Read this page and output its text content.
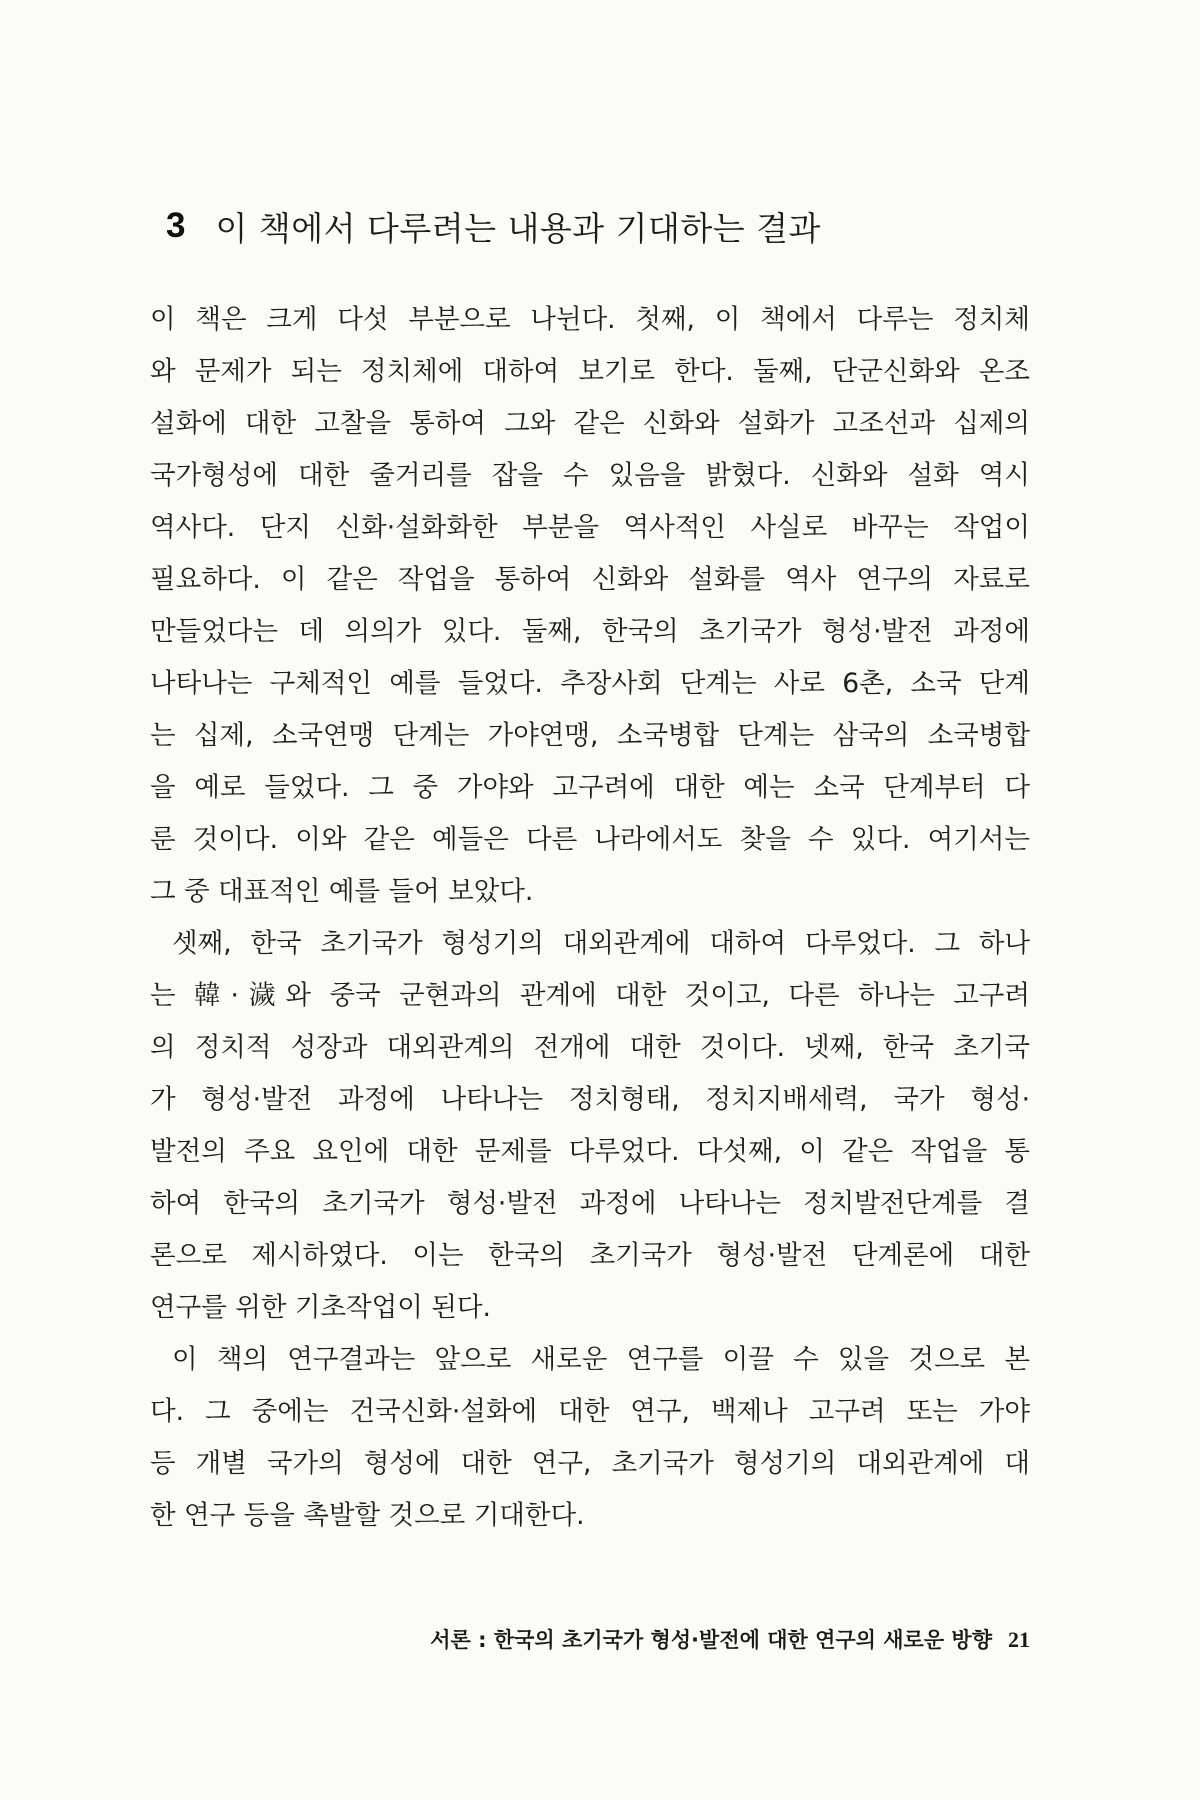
3 이 책에서 다루려는 내용과 기대하는 결과
이 책은 크게 다섯 부분으로 나뉜다. 첫째, 이 책에서 다루는 정치체
와 문제가 되는 정치체에 대하여 보기로 한다. 둘째, 단군신화와 온조
설화에 대한 고찰을 통하여 그와 같은 신화와 설화가 고조선과 십제의
국가형성에 대한 줄거리를 잡을 수 있음을 밝혔다. 신화와 설화 역시
역사다. 단지 신화·설화화한 부분을 역사적인 사실로 바꾸는 작업이
필요하다. 이 같은 작업을 통하여 신화와 설화를 역사 연구의 자료로
만들었다는 데 의의가 있다. 둘째, 한국의 초기국가 형성·발전 과정에
나타나는 구체적인 예를 들었다. 추장사회 단계는 사로 6촌, 소국 단계
는 십제, 소국연맹 단계는 가야연맹, 소국병합 단계는 삼국의 소국병합
을 예로 들었다. 그 중 가야와 고구려에 대한 예는 소국 단계부터 다
룬 것이다. 이와 같은 예들은 다른 나라에서도 찾을 수 있다. 여기서는
그 중 대표적인 예를 들어 보았다.
셋째, 한국 초기국가 형성기의 대외관계에 대하여 다루었다. 그 하나
는 韓·濊와 중국 군현과의 관계에 대한 것이고, 다른 하나는 고구려
의 정치적 성장과 대외관계의 전개에 대한 것이다. 넷째, 한국 초기국
가 형성·발전 과정에 나타나는 정치형태, 정치지배세력, 국가 형성·
발전의 주요 요인에 대한 문제를 다루었다. 다섯째, 이 같은 작업을 통
하여 한국의 초기국가 형성·발전 과정에 나타나는 정치발전단계를 결
론으로 제시하였다. 이는 한국의 초기국가 형성·발전 단계론에 대한
연구를 위한 기초작업이 된다.
이 책의 연구결과는 앞으로 새로운 연구를 이끌 수 있을 것으로 본
다. 그 중에는 건국신화·설화에 대한 연구, 백제나 고구려 또는 가야
등 개별 국가의 형성에 대한 연구, 초기국가 형성기의 대외관계에 대
한 연구 등을 촉발할 것으로 기대한다.
서론 : 한국의 초기국가 형성·발전에 대한 연구의 새로운 방향 21
